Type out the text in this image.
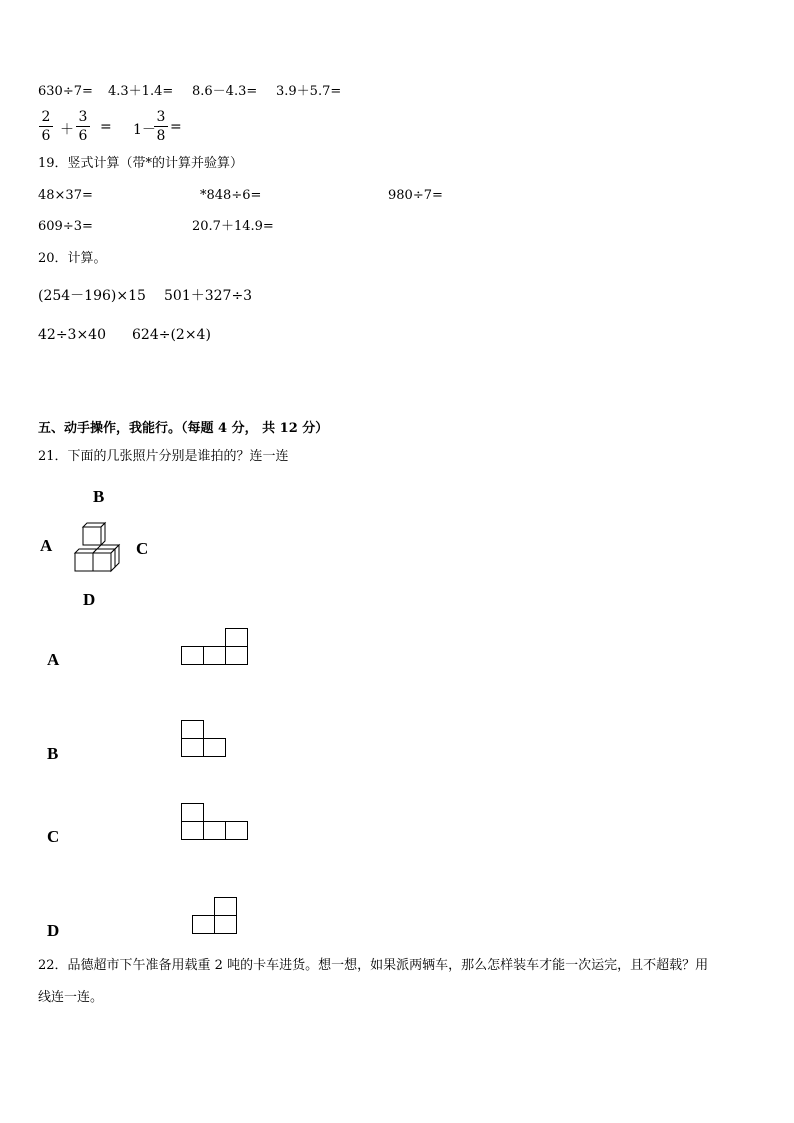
630÷7= 4.3＋1.4= 8.6－4.3= 3.9＋5.7=
2
6 ＋
3
6
= 1－
3
8
=
19．竖式计算（带*的计算并验算）
48×37=	*848÷6=	980÷7=
609÷3=	20.7＋14.9=
20．计算。
(254－196)×15 501＋327÷3
42÷3×40 624÷(2×4)
五、动手操作，我能行。（每题 4 分， 共 12 分）
21．下面的几张照片分别是谁拍的？连一连
B
A	C
D
A
B
C
D
22．品德超市下午准备用载重 2 吨的卡车进货。想一想，如果派两辆车，那么怎样装车才能一次运完，且不超载？用
线连一连。
